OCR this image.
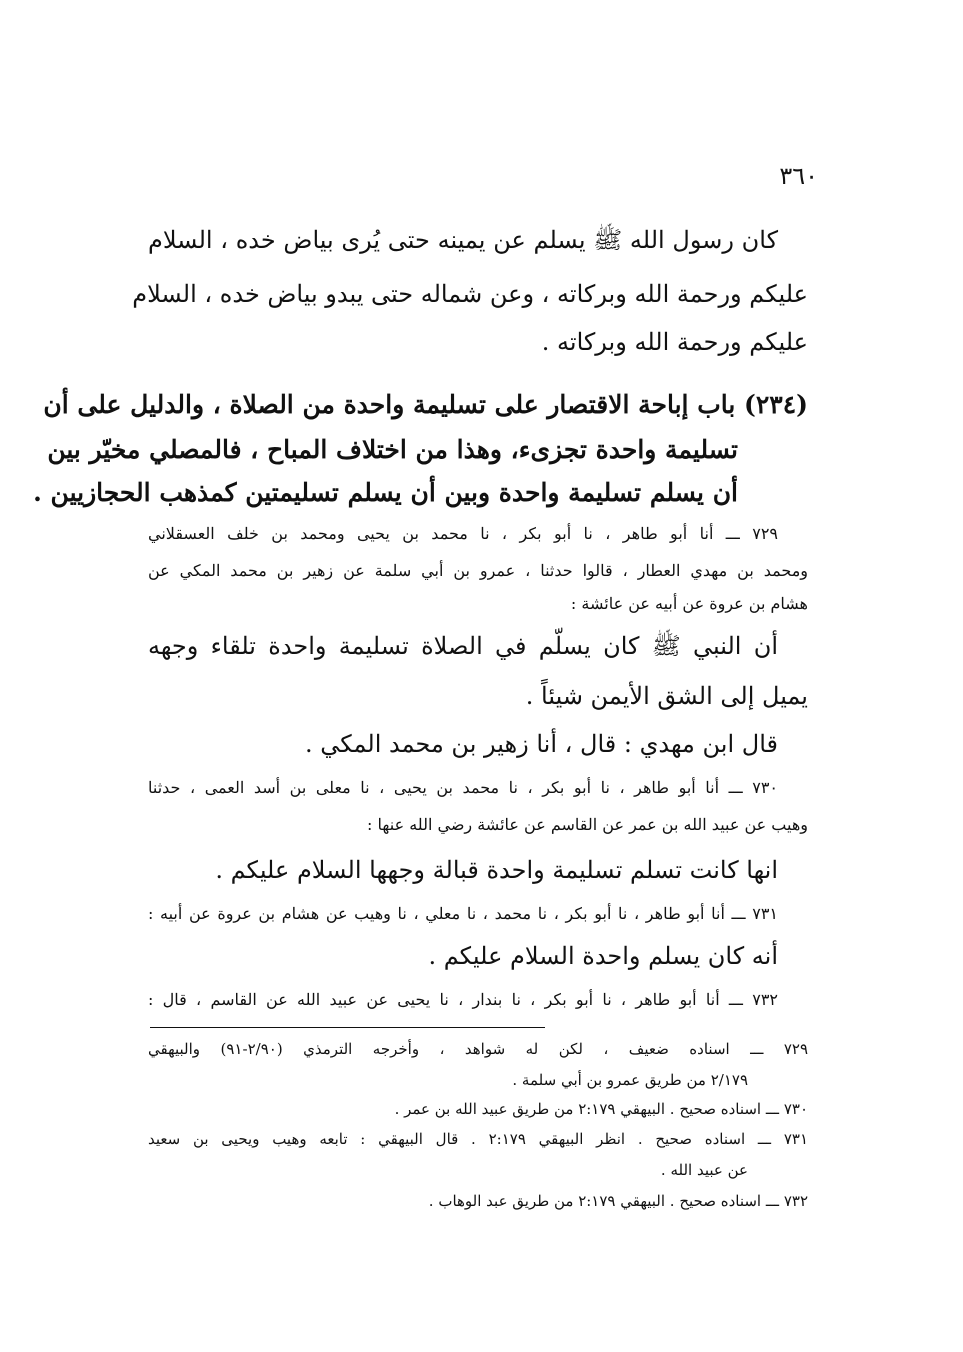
٣٦٠
كان رسول الله ﷺ يسلم عن يمينه حتى يُرى بياض خده ، السلام
عليكم ورحمة الله وبركاته ، وعن شماله حتى يبدو بياض خده ، السلام
عليكم ورحمة الله وبركاته .
(٢٣٤) باب إباحة الاقتصار على تسليمة واحدة من الصلاة ، والدليل على أن
تسليمة واحدة تجزىء، وهذا من اختلاف المباح ، فالمصلي مخيّر بين
أن يسلم تسليمة واحدة وبين أن يسلم تسليمتين كمذهب الحجازيين .
٧٢٩ ـــ أنا أبو طاهر ، نا أبو بكر ، نا محمد بن يحيى ومحمد بن خلف العسقلاني
ومحمد بن مهدي العطار ، قالوا حدثنا ، عمرو بن أبي سلمة عن زهير بن محمد المكي عن
هشام بن عروة عن أبيه عن عائشة :
أن النبي ﷺ كان يسلّم في الصلاة تسليمة واحدة تلقاء وجهه
يميل إلى الشق الأيمن شيئاً .
قال ابن مهدي : قال ، أنا زهير بن محمد المكي .
٧٣٠ ـــ أنا أبو طاهر ، نا أبو بكر ، نا محمد بن يحيى ، نا معلى بن أسد العمى ، حدثنا
وهيب عن عبيد الله بن عمر عن القاسم عن عائشة رضي الله عنها :
انها كانت تسلم تسليمة واحدة قبالة وجهها السلام عليكم .
٧٣١ ـــ أنا أبو طاهر ، نا أبو بكر ، نا محمد ، نا معلي ، نا وهيب عن هشام بن عروة عن أبيه :
أنه كان يسلم واحدة السلام عليكم .
٧٣٢ ـــ أنا أبو طاهر ، نا أبو بكر ، نا بندار ، نا يحيى عن عبيد الله عن القاسم ، قال :
٧٢٩ ـــ اسناده ضعيف ، لكن له شواهد ، وأخرجه الترمذي (٢/٩٠-٩١) والبيهقي
٢/١٧٩ من طريق عمرو بن أبي سلمة .
٧٣٠ ـــ اسناده صحيح . البيهقي ٢:١٧٩ من طريق عبيد الله بن عمر .
٧٣١ ـــ اسناده صحيح . انظر البيهقي ٢:١٧٩ . قال البيهقي : تابعه وهيب ويحيى بن سعيد
عن عبيد الله .
٧٣٢ ـــ اسناده صحيح . البيهقي ٢:١٧٩ من طريق عبد الوهاب .
